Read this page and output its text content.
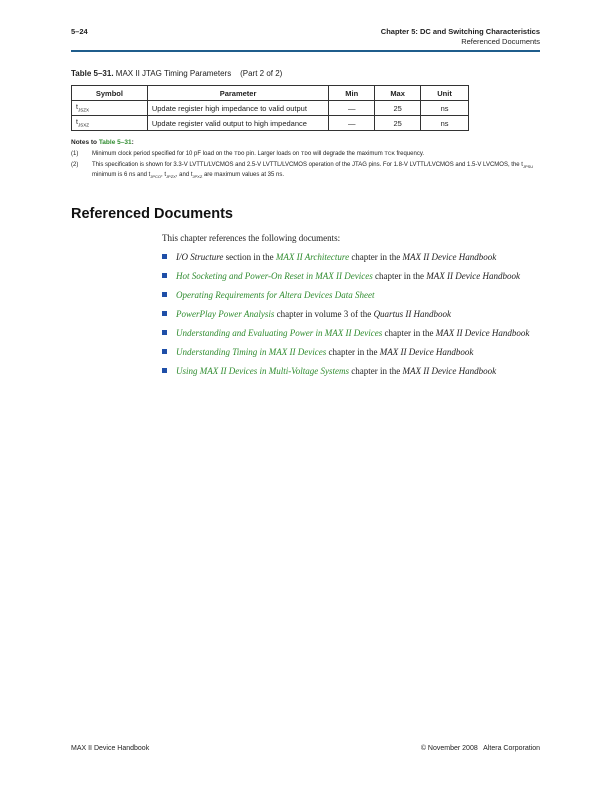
5–24	Chapter 5: DC and Switching Characteristics
Referenced Documents
Table 5–31. MAX II JTAG Timing Parameters    (Part 2 of 2)
Symbol	Parameter	Min	Max	Unit
$t_{JSZX}$	Update register high impedance to valid output	—	25	ns
$t_{JSXZ}$	Update register valid output to high impedance	—	25	ns
Notes to Table 5–31:
(1) Minimum clock period specified for 10 pF load on the TDO pin. Larger loads on TDO will degrade the maximum TCK frequency.
(2) This specification is shown for 3.3-V LVTTL/LVCMOS and 2.5-V LVTTL/LVCMOS operation of the JTAG pins. For 1.8-V LVTTL/LVCMOS and 1.5-V LVCMOS, the $t_{JPSU}$ minimum is 6 ns and $t_{JPCO}$, $t_{JPZX}$, and $t_{JPXZ}$ are maximum values at 35 ns.
Referenced Documents
This chapter references the following documents:
I/O Structure section in the MAX II Architecture chapter in the MAX II Device Handbook
Hot Socketing and Power-On Reset in MAX II Devices chapter in the MAX II Device Handbook
Operating Requirements for Altera Devices Data Sheet
PowerPlay Power Analysis chapter in volume 3 of the Quartus II Handbook
Understanding and Evaluating Power in MAX II Devices chapter in the MAX II Device Handbook
Understanding Timing in MAX II Devices chapter in the MAX II Device Handbook
Using MAX II Devices in Multi-Voltage Systems chapter in the MAX II Device Handbook
MAX II Device Handbook	© November 2008   Altera Corporation
